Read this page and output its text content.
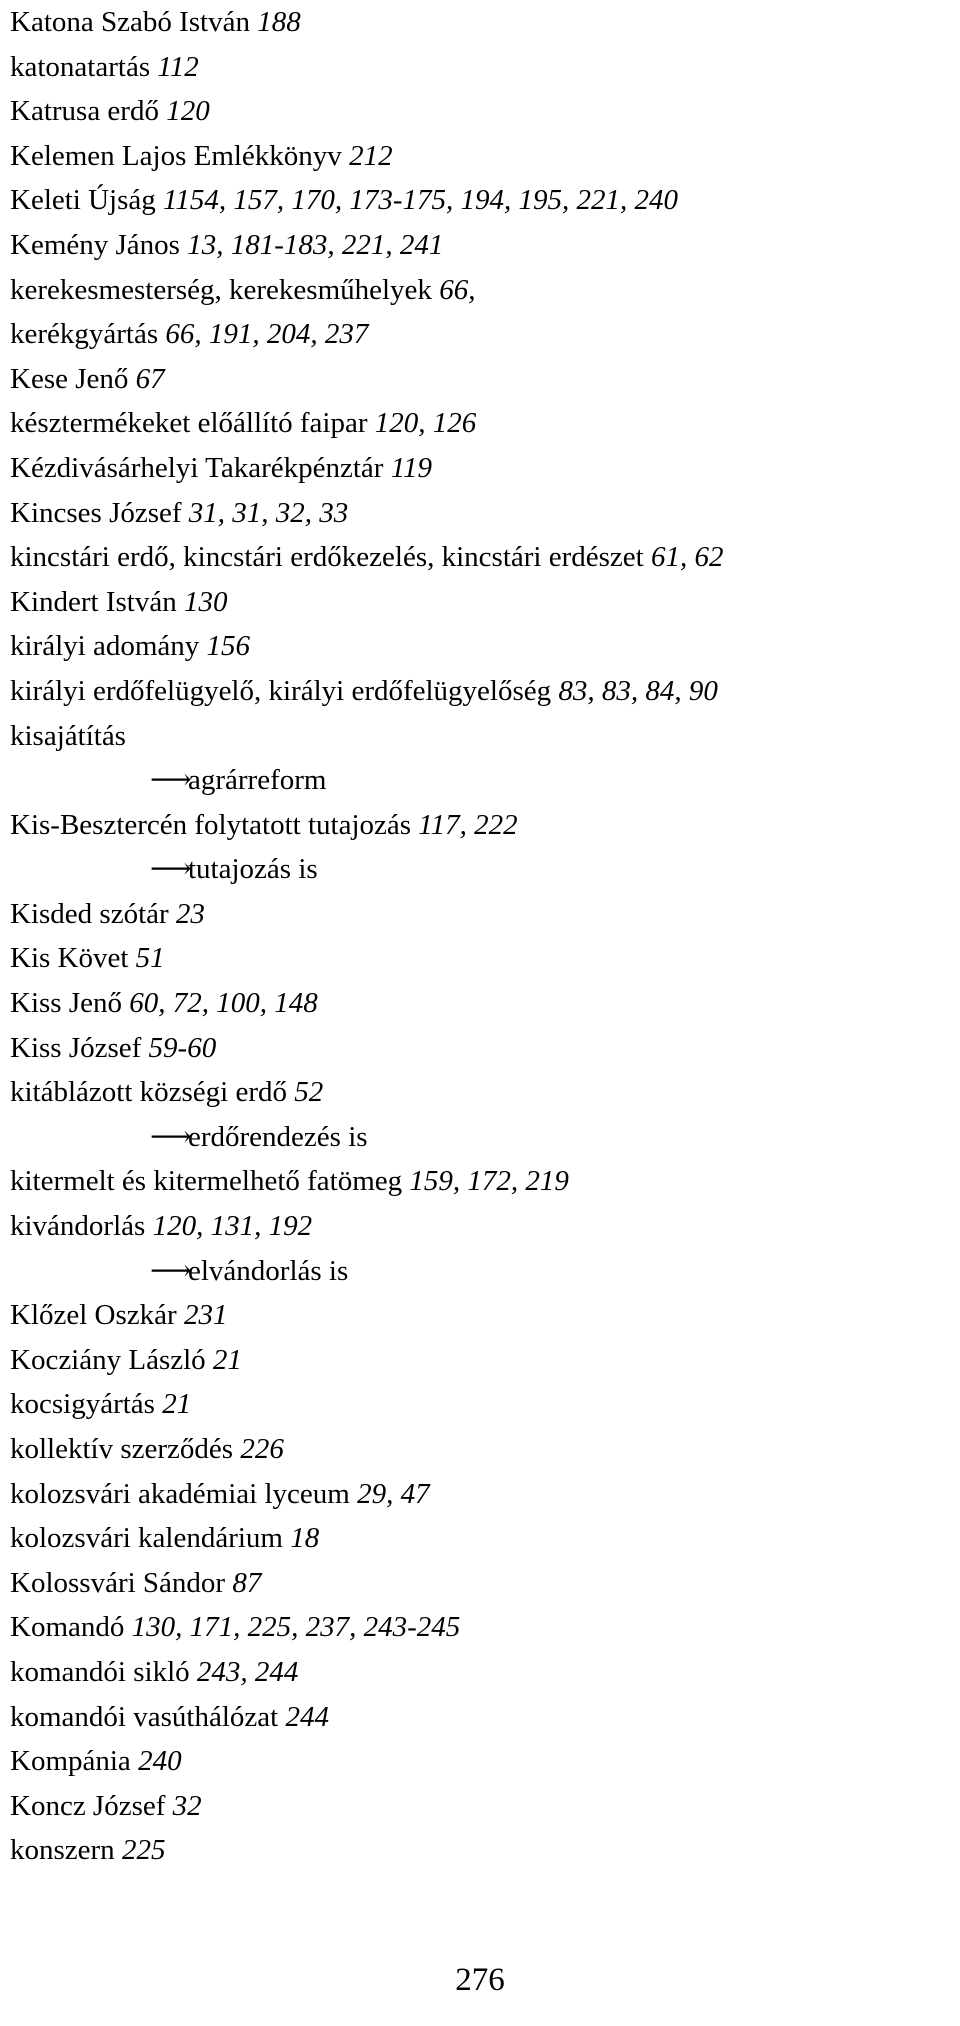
Katona Szabó István 188
katonatartás 112
Katrusa erdő 120
Kelemen Lajos Emlékkönyv 212
Keleti Újság 1154, 157, 170, 173-175, 194, 195, 221, 240
Kemény János 13, 181-183, 221, 241
kerekesmesterség, kerekesműhelyek 66,
kerékgyártás 66, 191, 204, 237
Kese Jenő 67
késztermékeket előállító faipar 120, 126
Kézdivásárhelyi Takarékpénztár 119
Kincses József 31, 31, 32, 33
kincstári erdő, kincstári erdőkezelés, kincstári erdészet 61, 62
Kindert István 130
királyi adomány 156
királyi erdőfelügyelő, királyi erdőfelügyelőség 83, 83, 84, 90
kisajátítás
⟶agrárreform
Kis-Besztercén folytatott tutajozás 117, 222
⟶tutajozás is
Kisded szótár 23
Kis Követ 51
Kiss Jenő 60, 72, 100, 148
Kiss József 59-60
kitáblázott községi erdő 52
⟶erdőrendezés is
kitermelt és kitermelhető fatömeg 159, 172, 219
kivándorlás 120, 131, 192
⟶elvándorlás is
Klőzel Oszkár 231
Kocziány László 21
kocsigyártás 21
kollektív szerződés 226
kolozsvári akadémiai lyceum 29, 47
kolozsvári kalendárium 18
Kolossvári Sándor 87
Komandó 130, 171, 225, 237, 243-245
komandói sikló 243, 244
komandói vasúthálózat 244
Kompánia 240
Koncz József 32
konszern 225
276
